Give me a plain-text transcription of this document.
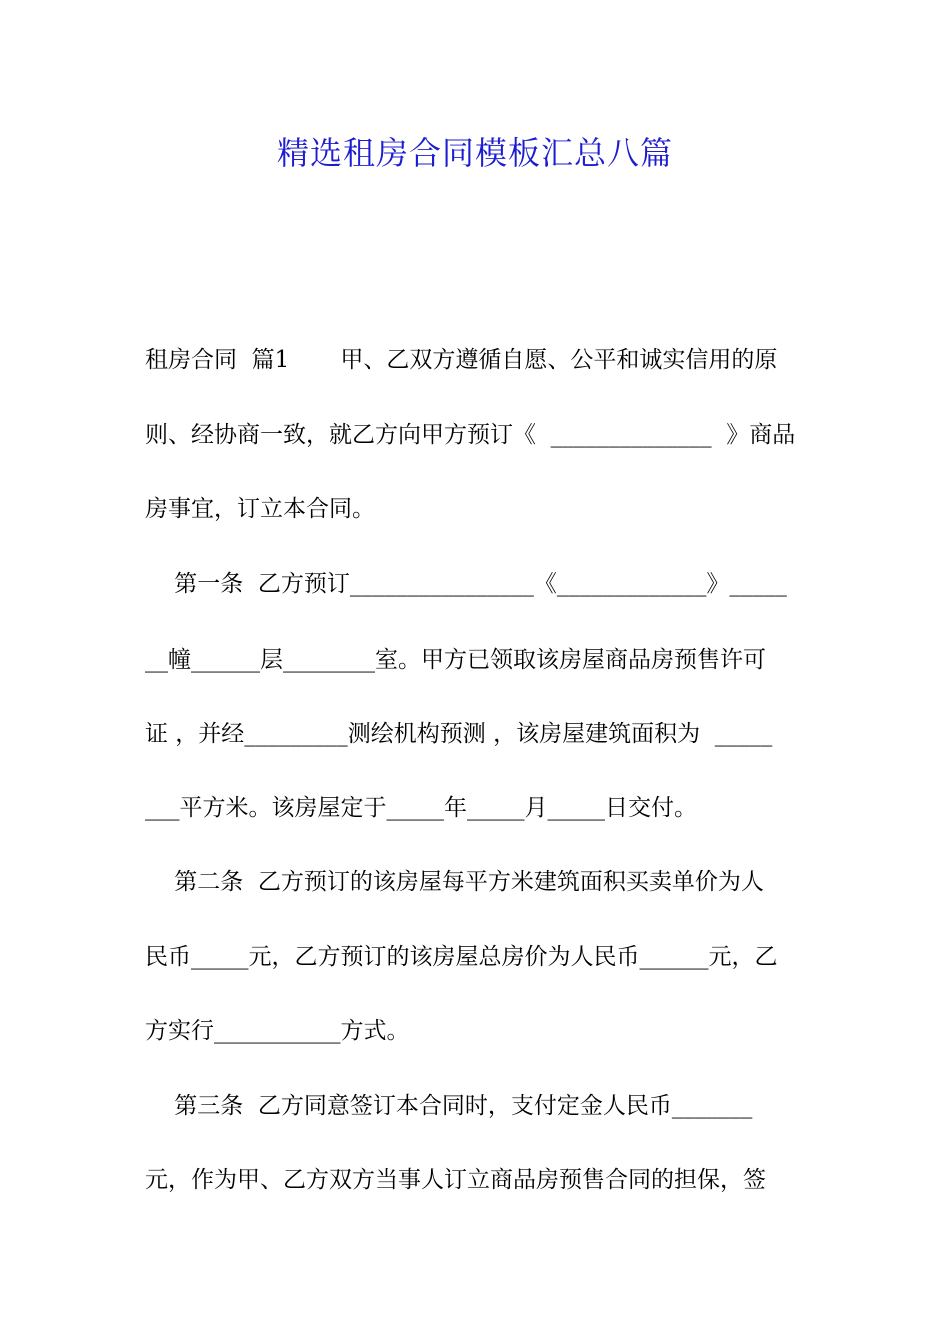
精选租房合同模板汇总八篇

租房合同  篇1       甲、乙双方遵循自愿、公平和诚实信用的原

则、经协商一致，就乙方向甲方预订《  ______________  》商品

房事宜，订立本合同。

第一条  乙方预订________________《_____________》_____

__幢______层________室。甲方已领取该房屋商品房预售许可

证 ，并经_________测绘机构预测 ，该房屋建筑面积为  _____

___平方米。该房屋定于_____年_____月_____日交付。

第二条  乙方预订的该房屋每平方米建筑面积买卖单价为人

民币_____元，乙方预订的该房屋总房价为人民币______元，乙

方实行___________方式。

第三条  乙方同意签订本合同时，支付定金人民币_______

元，作为甲、乙方双方当事人订立商品房预售合同的担保，签
